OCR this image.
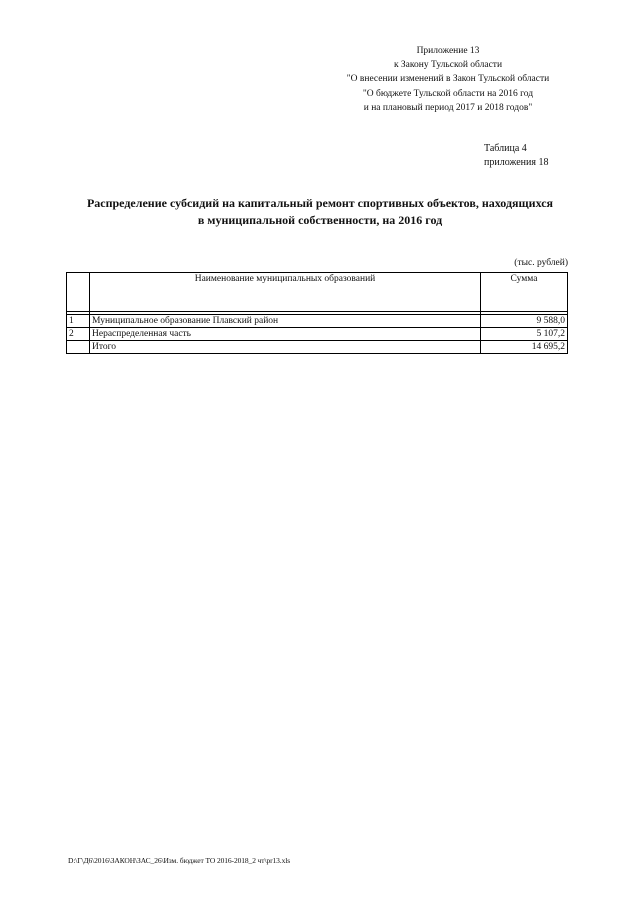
Приложение 13
к Закону Тульской области
"О внесении изменений в Закон Тульской области
"О бюджете Тульской области на 2016 год
и на плановый период 2017 и 2018 годов"
Таблица 4
приложения 18
Распределение субсидий на капитальный ремонт спортивных объектов, находящихся
в муниципальной собственности, на 2016 год
(тыс. рублей)
	Наименование муниципальных образований	Сумма

1	Муниципальное образование Плавский район	9 588,0
2	Нераспределенная часть	5 107,2
	Итого	14 695,2
D:\Г\Д6\2016\ЗАКОН\ЗАС_26\Изм. бюджет ТО 2016-2018_2 чт\pr13.xls
